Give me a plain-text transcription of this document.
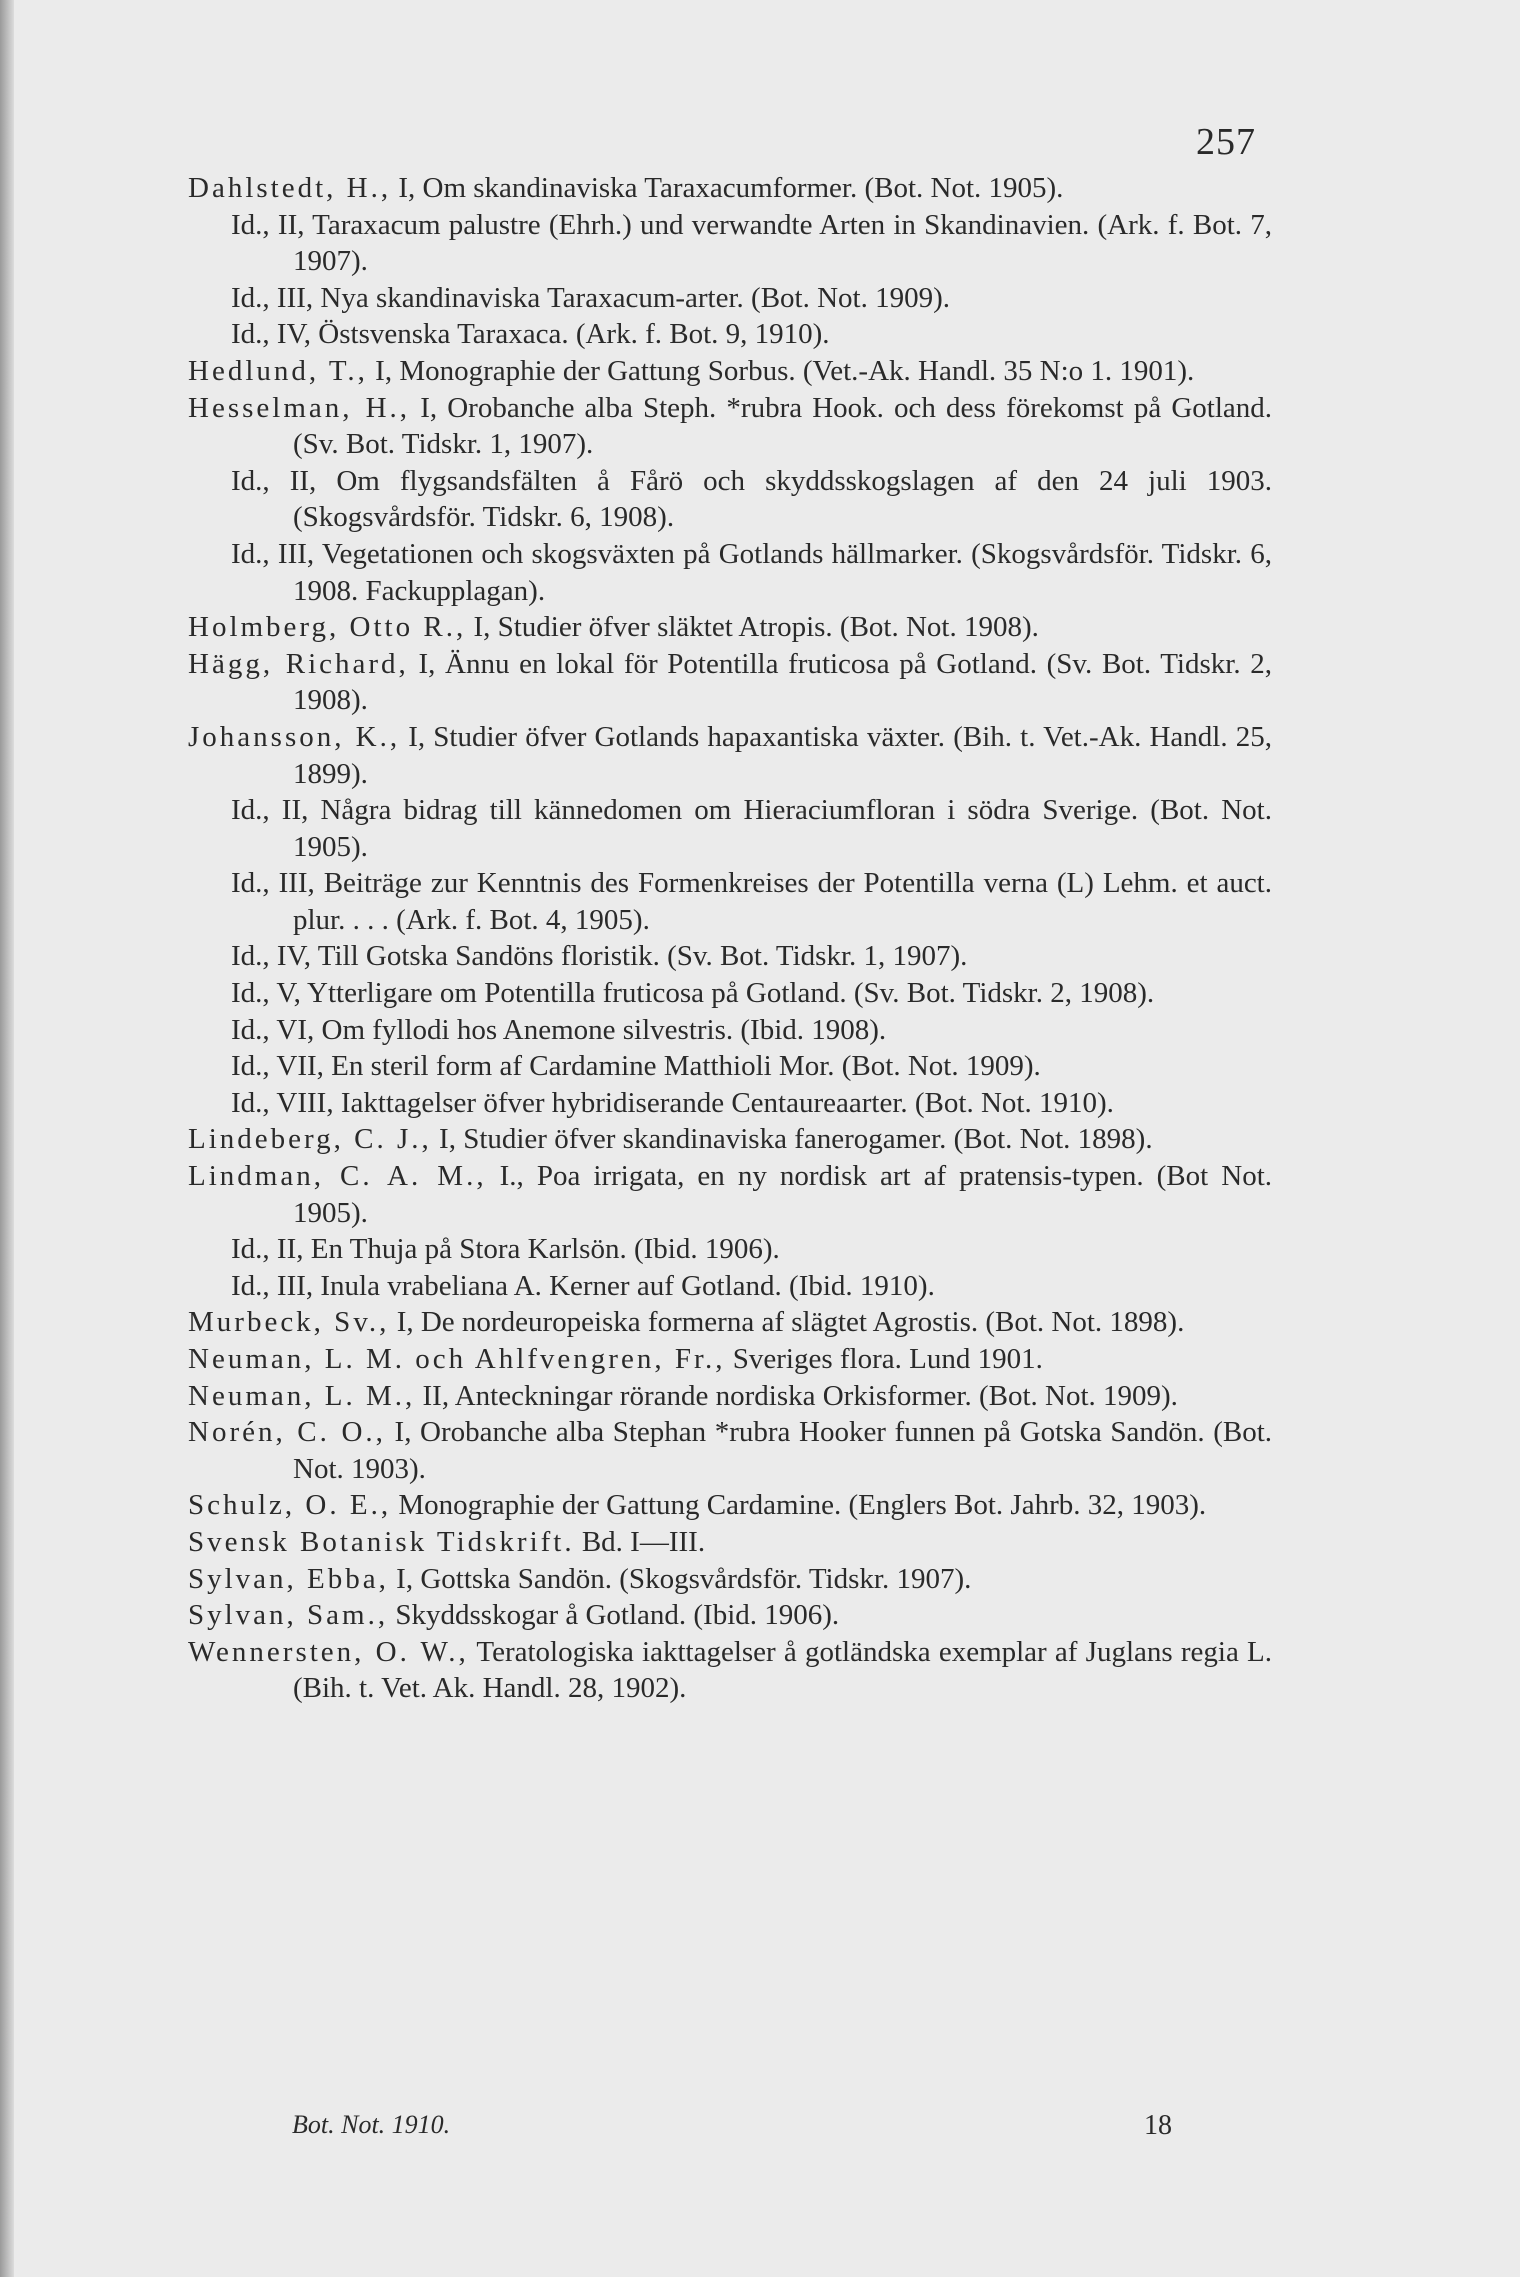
257
Dahlstedt, H., I, Om skandinaviska Taraxacumformer. (Bot. Not. 1905).
Id., II, Taraxacum palustre (Ehrh.) und verwandte Arten in Skandinavien. (Ark. f. Bot. 7, 1907).
Id., III, Nya skandinaviska Taraxacum-arter. (Bot. Not. 1909).
Id., IV, Östsvenska Taraxaca. (Ark. f. Bot. 9, 1910).
Hedlund, T., I, Monographie der Gattung Sorbus. (Vet.-Ak. Handl. 35 N:o 1. 1901).
Hesselman, H., I, Orobanche alba Steph. *rubra Hook. och dess förekomst på Gotland. (Sv. Bot. Tidskr. 1, 1907).
Id., II, Om flygsandsfälten å Fårö och skyddsskogslagen af den 24 juli 1903. (Skogsvårdsför. Tidskr. 6, 1908).
Id., III, Vegetationen och skogsväxten på Gotlands hällmarker. (Skogsvårdsför. Tidskr. 6, 1908. Fackupplagan).
Holmberg, Otto R., I, Studier öfver släktet Atropis. (Bot. Not. 1908).
Hägg, Richard, I, Ännu en lokal för Potentilla fruticosa på Gotland. (Sv. Bot. Tidskr. 2, 1908).
Johansson, K., I, Studier öfver Gotlands hapaxantiska växter. (Bih. t. Vet.-Ak. Handl. 25, 1899).
Id., II, Några bidrag till kännedomen om Hieraciumfloran i södra Sverige. (Bot. Not. 1905).
Id., III, Beiträge zur Kenntnis des Formenkreises der Potentilla verna (L) Lehm. et auct. plur. . . . (Ark. f. Bot. 4, 1905).
Id., IV, Till Gotska Sandöns floristik. (Sv. Bot. Tidskr. 1, 1907).
Id., V, Ytterligare om Potentilla fruticosa på Gotland. (Sv. Bot. Tidskr. 2, 1908).
Id., VI, Om fyllodi hos Anemone silvestris. (Ibid. 1908).
Id., VII, En steril form af Cardamine Matthioli Mor. (Bot. Not. 1909).
Id., VIII, Iakttagelser öfver hybridiserande Centaureaarter. (Bot. Not. 1910).
Lindeberg, C. J., I, Studier öfver skandinaviska fanerogamer. (Bot. Not. 1898).
Lindman, C. A. M., I., Poa irrigata, en ny nordisk art af pratensis-typen. (Bot Not. 1905).
Id., II, En Thuja på Stora Karlsön. (Ibid. 1906).
Id., III, Inula vrabeliana A. Kerner auf Gotland. (Ibid. 1910).
Murbeck, Sv., I, De nordeuropeiska formerna af slägtet Agrostis. (Bot. Not. 1898).
Neuman, L. M. och Ahlfvengren, Fr., Sveriges flora. Lund 1901.
Neuman, L. M., II, Anteckningar rörande nordiska Orkisformer. (Bot. Not. 1909).
Norén, C. O., I, Orobanche alba Stephan *rubra Hooker funnen på Gotska Sandön. (Bot. Not. 1903).
Schulz, O. E., Monographie der Gattung Cardamine. (Englers Bot. Jahrb. 32, 1903).
Svensk Botanisk Tidskrift. Bd. I—III.
Sylvan, Ebba, I, Gottska Sandön. (Skogsvårdsför. Tidskr. 1907).
Sylvan, Sam., Skyddsskogar å Gotland. (Ibid. 1906).
Wennersten, O. W., Teratologiska iakttagelser å gotländska exemplar af Juglans regia L. (Bih. t. Vet. Ak. Handl. 28, 1902).
Bot. Not. 1910.	18
